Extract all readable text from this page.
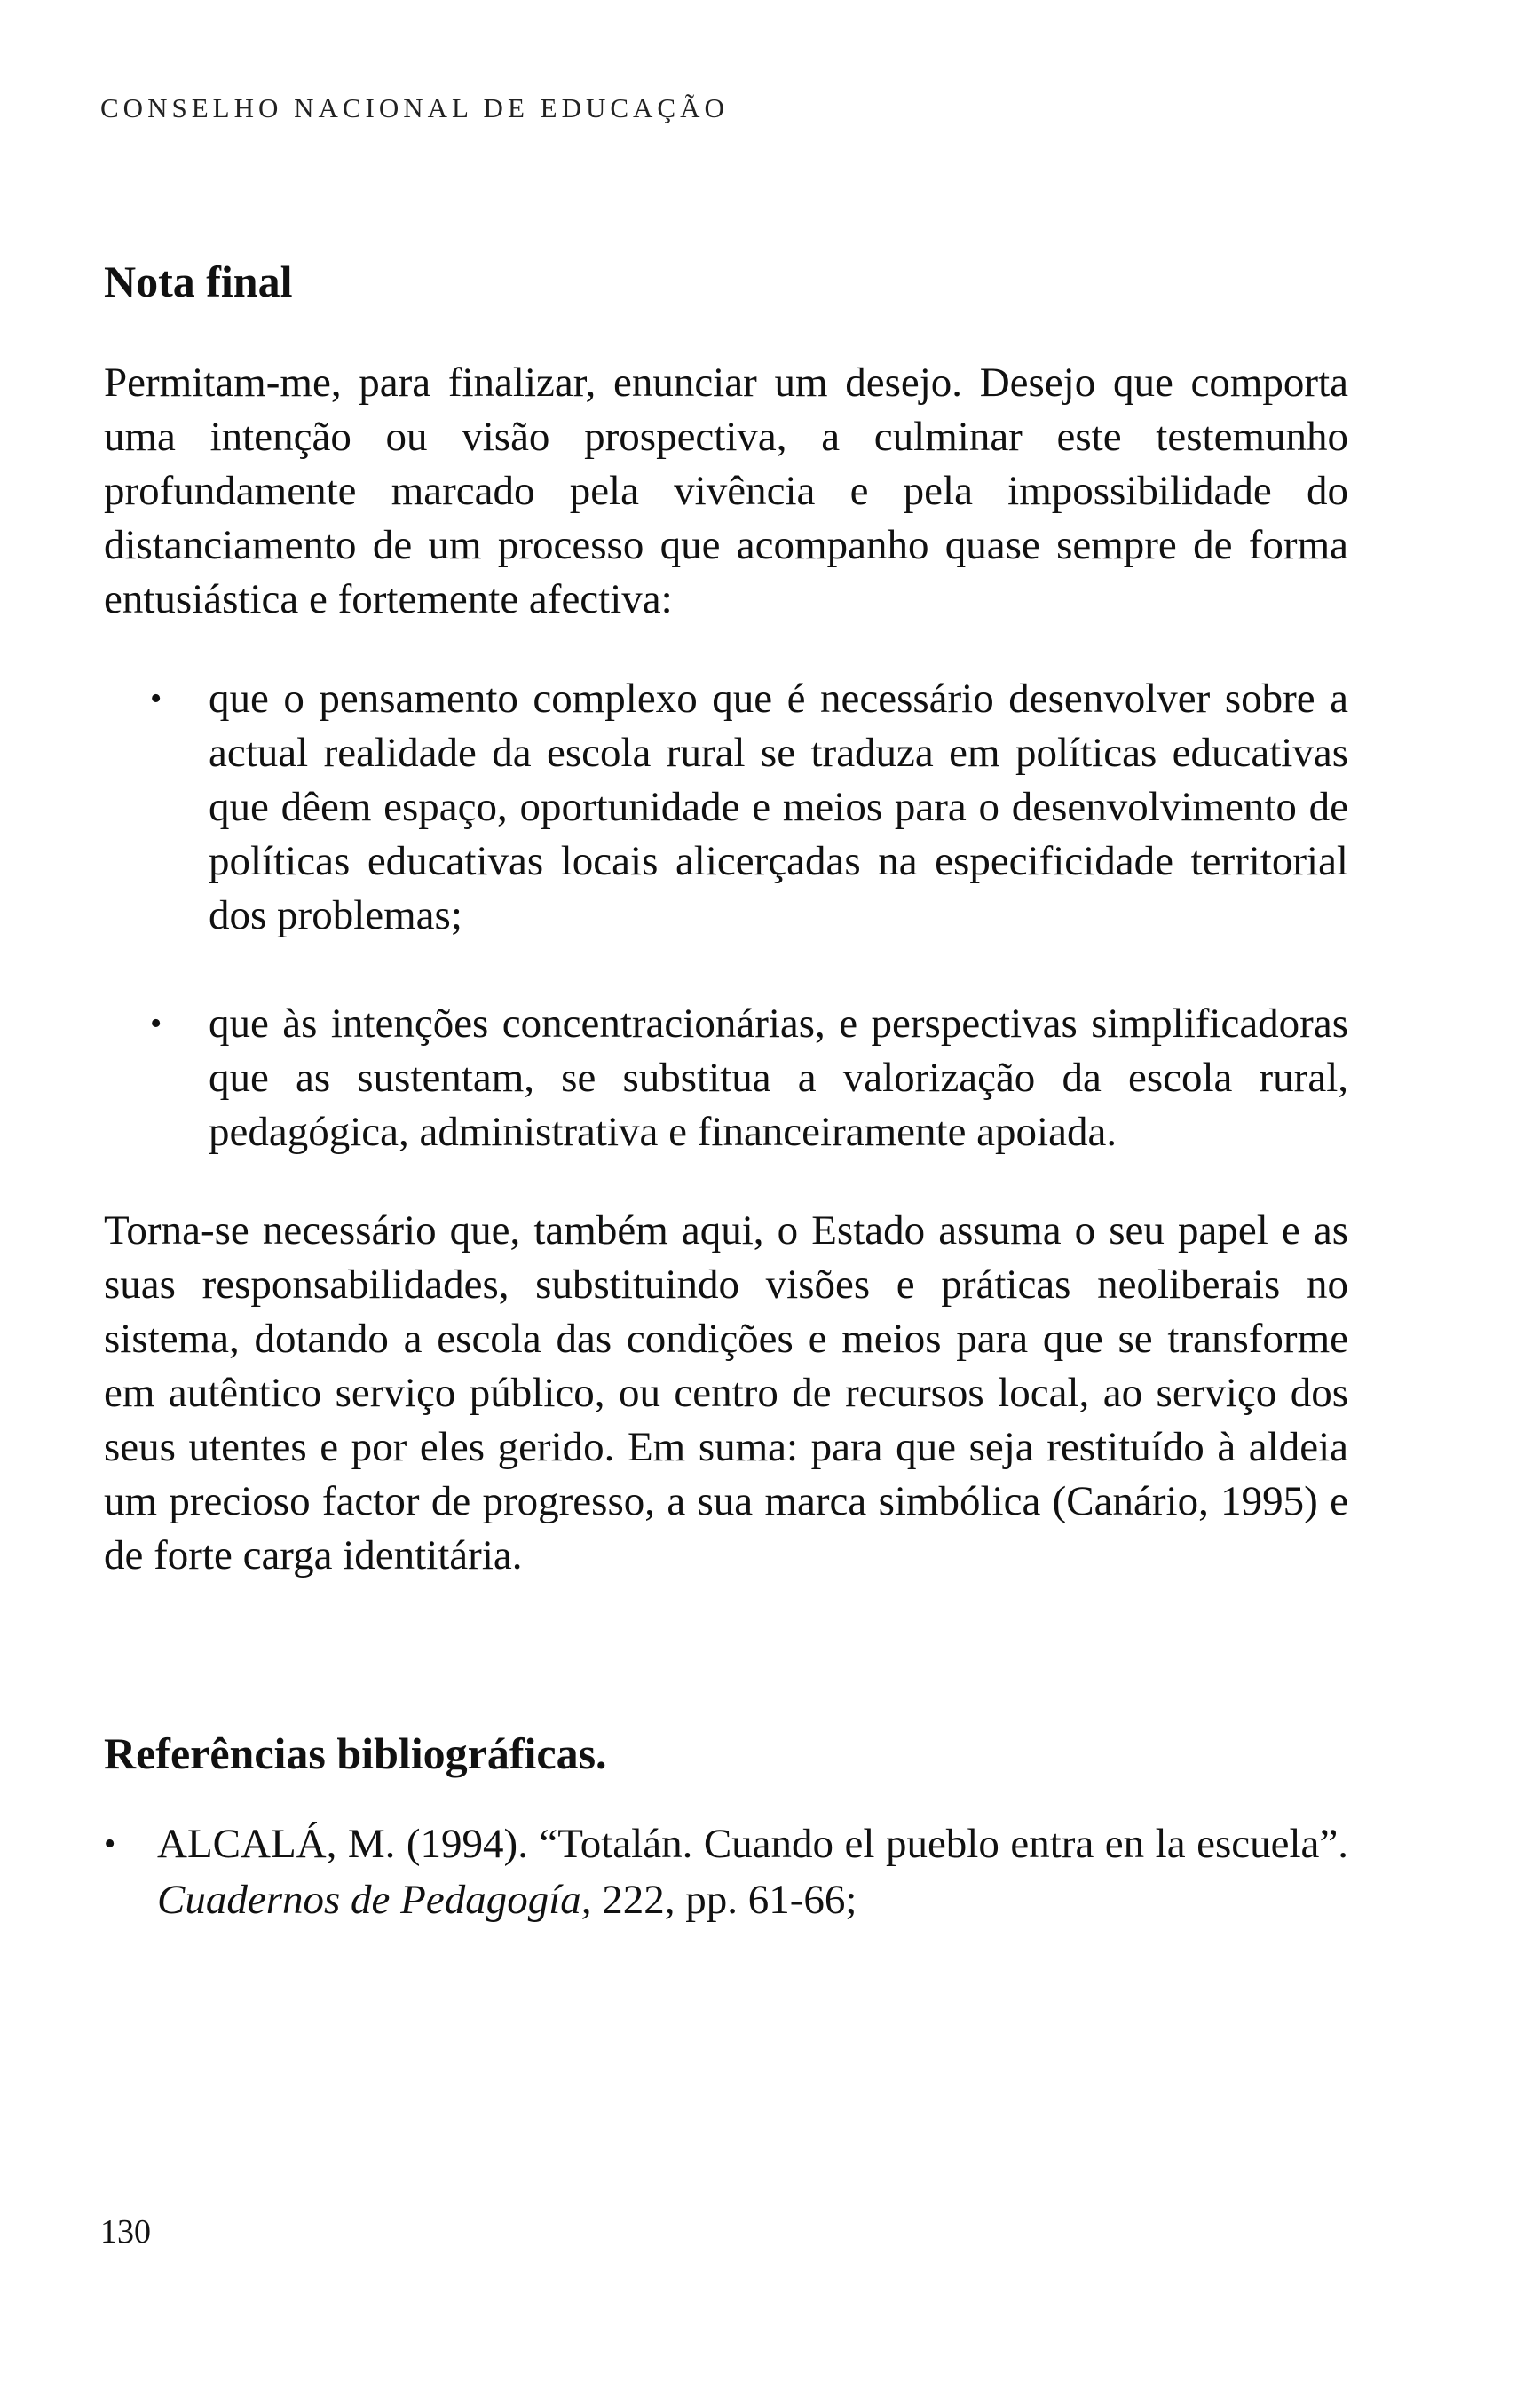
CONSELHO NACIONAL DE EDUCAÇÃO
Nota final

Permitam-me, para finalizar, enunciar um desejo. Desejo que comporta uma intenção ou visão prospectiva, a culminar este testemunho profundamente marcado pela vivência e pela impossibilidade do distanciamento de um processo que acompanho quase sempre de forma entusiástica e fortemente afectiva:

• que o pensamento complexo que é necessário desenvolver sobre a actual realidade da escola rural se traduza em políticas educativas que dêem espaço, oportunidade e meios para o desenvolvimento de políticas educativas locais alicerçadas na especificidade territorial dos problemas;
• que às intenções concentracionárias, e perspectivas simplificadoras que as sustentam, se substitua a valorização da escola rural, pedagógica, administrativa e financeiramente apoiada.

Torna-se necessário que, também aqui, o Estado assuma o seu papel e as suas responsabilidades, substituindo visões e práticas neoliberais no sistema, dotando a escola das condições e meios para que se transforme em autêntico serviço público, ou centro de recursos local, ao serviço dos seus utentes e por eles gerido. Em suma: para que seja restituído à aldeia um precioso factor de progresso, a sua marca simbólica (Canário, 1995) e de forte carga identitária.

Referências bibliográficas.
• ALCALÁ, M. (1994). “Totalán. Cuando el pueblo entra en la escuela”. Cuadernos de Pedagogía, 222, pp. 61-66;
130
